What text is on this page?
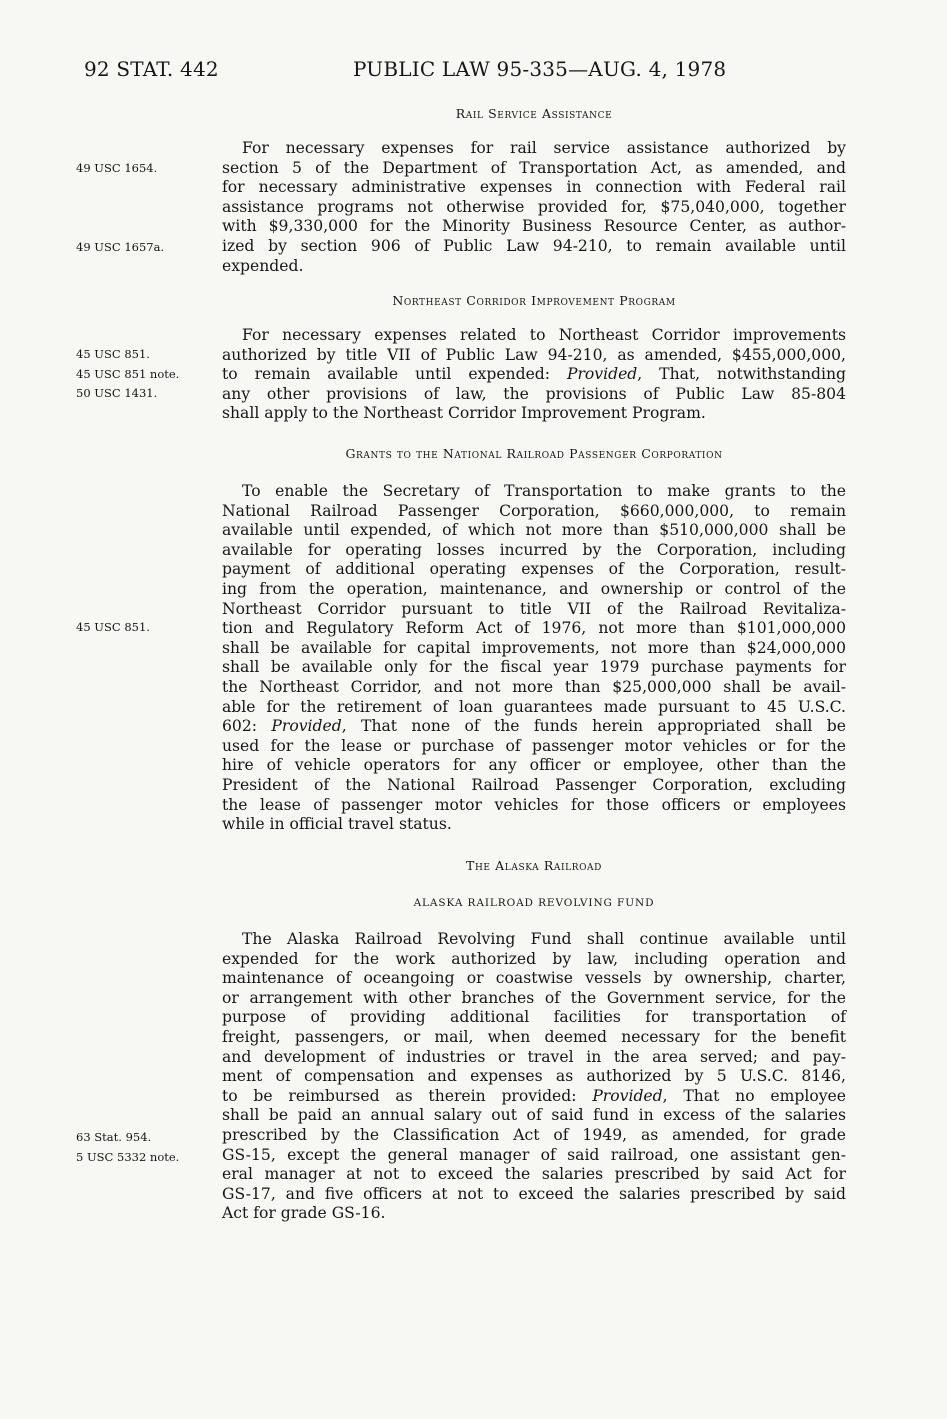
92 STAT. 442	PUBLIC LAW 95-335—AUG. 4, 1978
Rail Service Assistance
For necessary expenses for rail service assistance authorized by
section 5 of the Department of Transportation Act, as amended, and
for necessary administrative expenses in connection with Federal rail
assistance programs not otherwise provided for, $75,040,000, together
with $9,330,000 for the Minority Business Resource Center, as author-
ized by section 906 of Public Law 94-210, to remain available until
expended.
Northeast Corridor Improvement Program
For necessary expenses related to Northeast Corridor improvements
authorized by title VII of Public Law 94-210, as amended, $455,000,000,
to remain available until expended: Provided, That, notwithstanding
any other provisions of law, the provisions of Public Law 85-804
shall apply to the Northeast Corridor Improvement Program.
Grants to the National Railroad Passenger Corporation
To enable the Secretary of Transportation to make grants to the
National Railroad Passenger Corporation, $660,000,000, to remain
available until expended, of which not more than $510,000,000 shall be
available for operating losses incurred by the Corporation, including
payment of additional operating expenses of the Corporation, result-
ing from the operation, maintenance, and ownership or control of the
Northeast Corridor pursuant to title VII of the Railroad Revitaliza-
tion and Regulatory Reform Act of 1976, not more than $101,000,000
shall be available for capital improvements, not more than $24,000,000
shall be available only for the fiscal year 1979 purchase payments for
the Northeast Corridor, and not more than $25,000,000 shall be avail-
able for the retirement of loan guarantees made pursuant to 45 U.S.C.
602: Provided, That none of the funds herein appropriated shall be
used for the lease or purchase of passenger motor vehicles or for the
hire of vehicle operators for any officer or employee, other than the
President of the National Railroad Passenger Corporation, excluding
the lease of passenger motor vehicles for those officers or employees
while in official travel status.
The Alaska Railroad
ALASKA RAILROAD REVOLVING FUND
The Alaska Railroad Revolving Fund shall continue available until
expended for the work authorized by law, including operation and
maintenance of oceangoing or coastwise vessels by ownership, charter,
or arrangement with other branches of the Government service, for the
purpose of providing additional facilities for transportation of
freight, passengers, or mail, when deemed necessary for the benefit
and development of industries or travel in the area served; and pay-
ment of compensation and expenses as authorized by 5 U.S.C. 8146,
to be reimbursed as therein provided: Provided, That no employee
shall be paid an annual salary out of said fund in excess of the salaries
prescribed by the Classification Act of 1949, as amended, for grade
GS-15, except the general manager of said railroad, one assistant gen-
eral manager at not to exceed the salaries prescribed by said Act for
GS-17, and five officers at not to exceed the salaries prescribed by said
Act for grade GS-16.
49 USC 1654.
49 USC 1657a.
45 USC 851.
45 USC 851 note.
50 USC 1431.
45 USC 851.
63 Stat. 954.
5 USC 5332 note.
